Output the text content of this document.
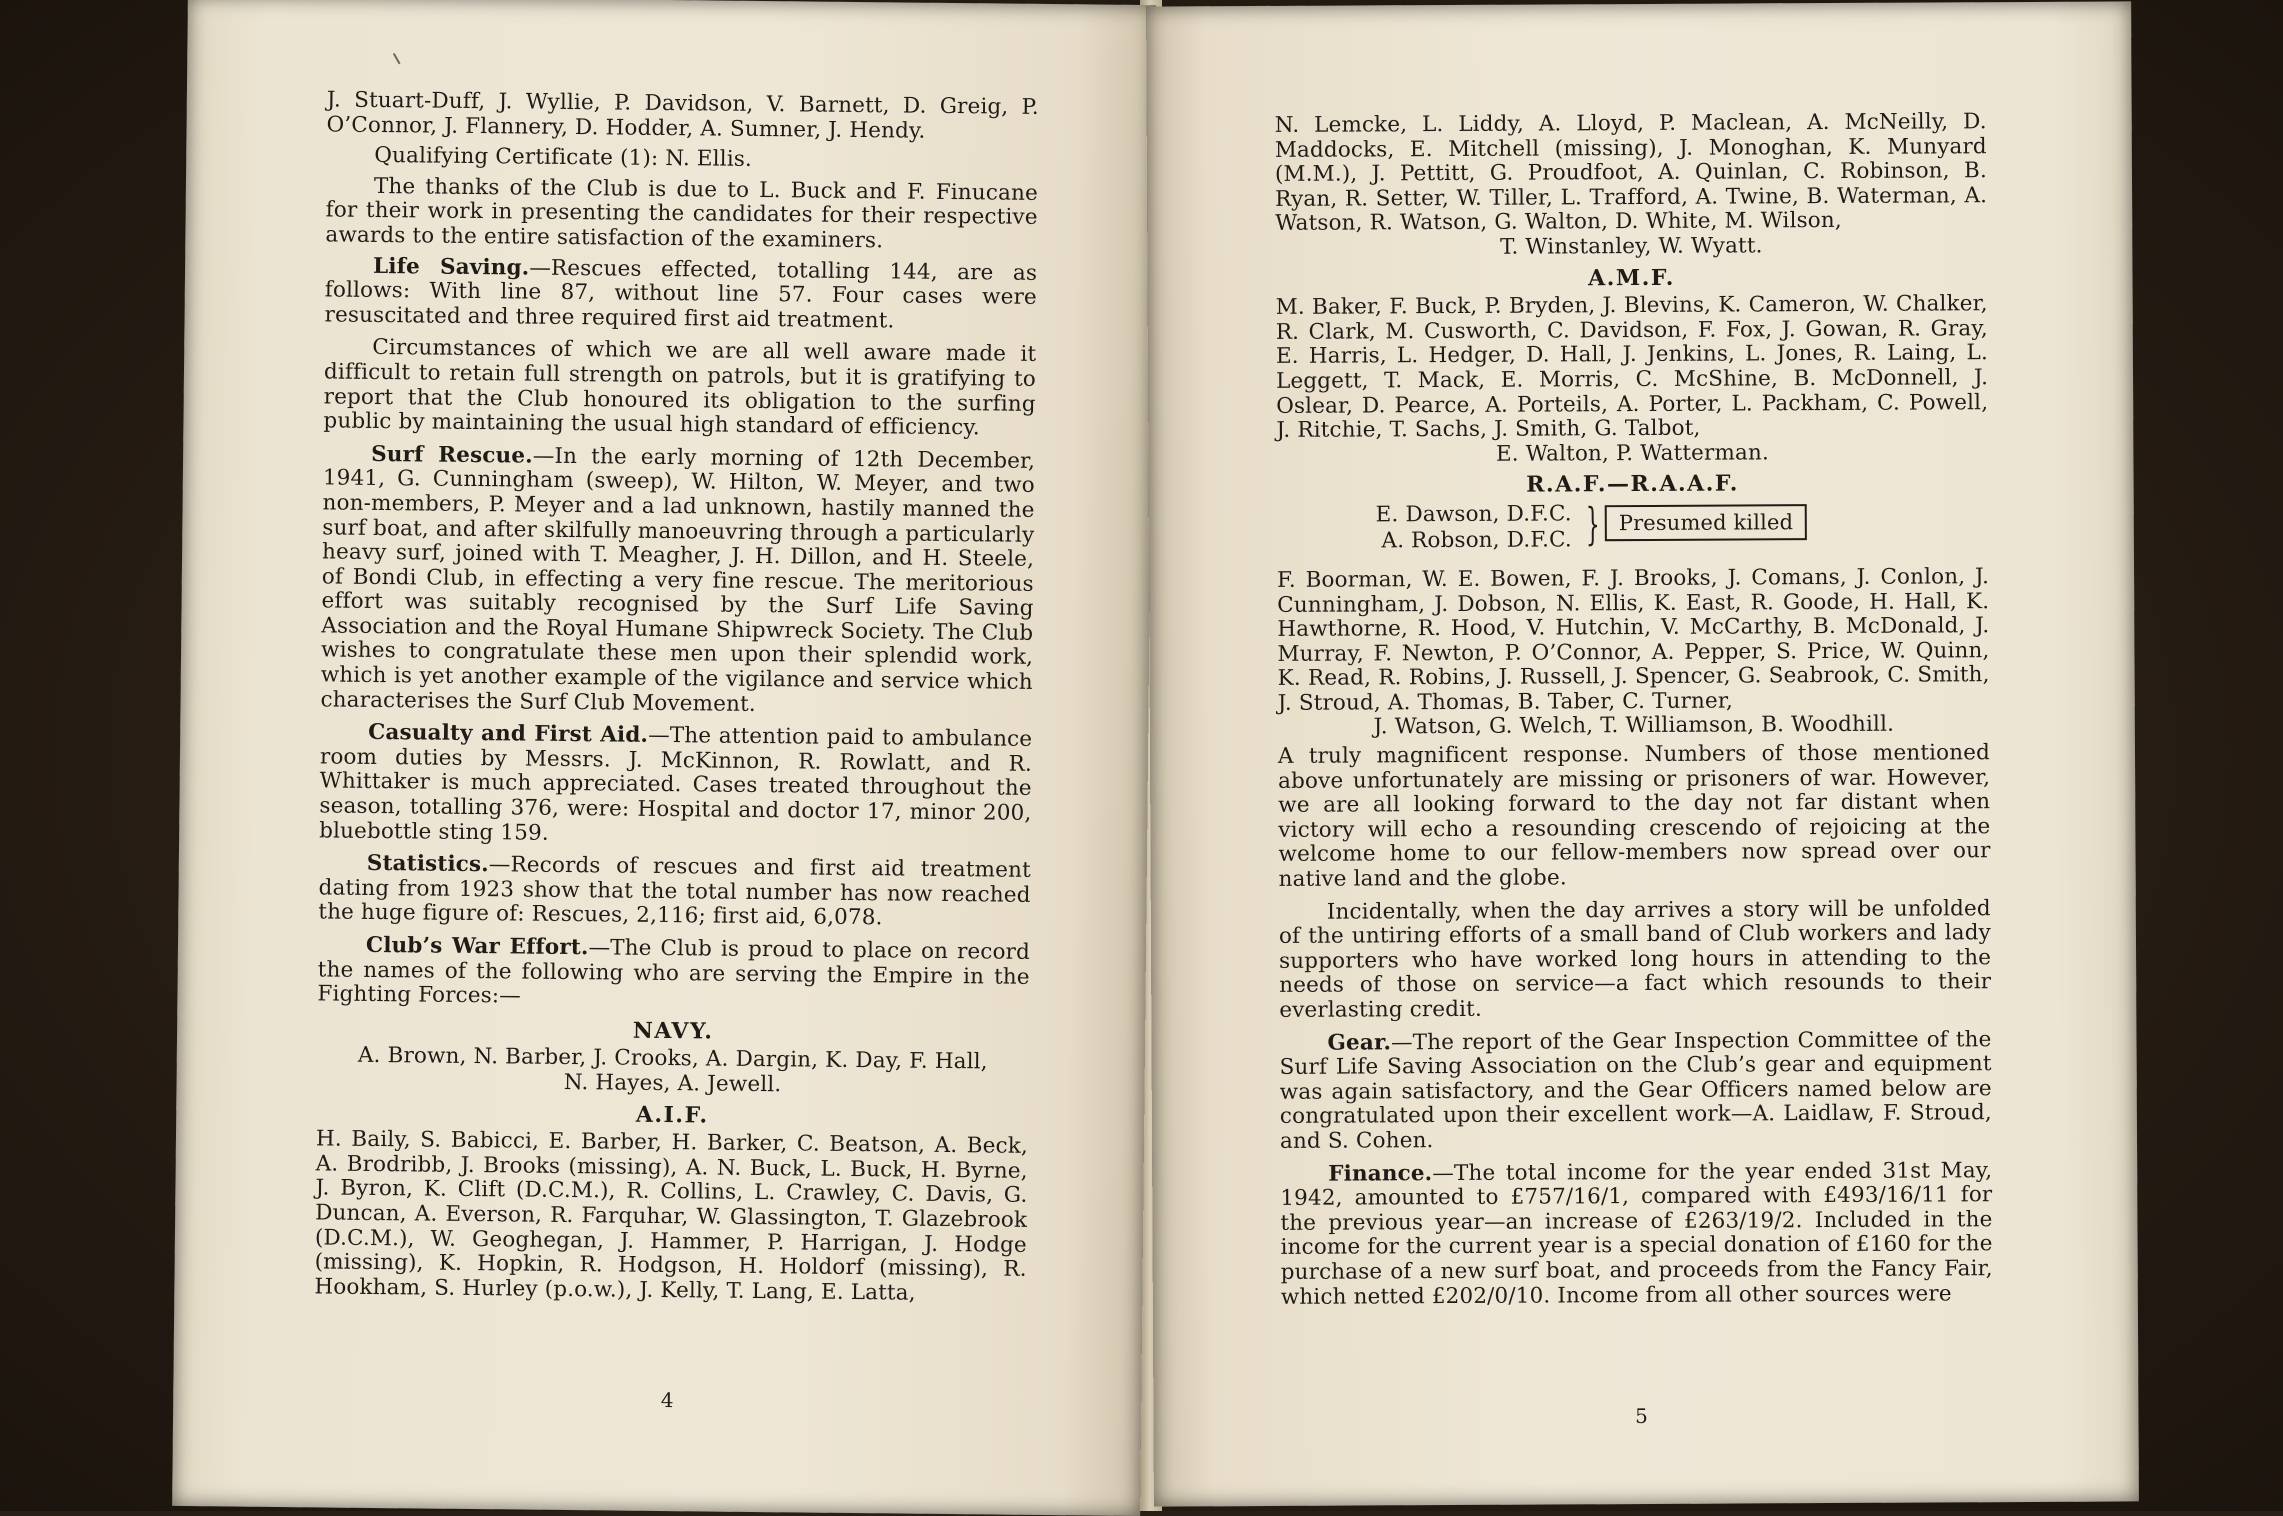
J. Stuart-Duff, J. Wyllie, P. Davidson, V. Barnett, D. Greig, P. O’Connor, J. Flannery, D. Hodder, A. Sumner, J. Hendy.

Qualifying Certificate (1): N. Ellis.

The thanks of the Club is due to L. Buck and F. Finucane for their work in presenting the candidates for their respective awards to the entire satisfaction of the examiners.

Life Saving.—Rescues effected, totalling 144, are as follows: With line 87, without line 57. Four cases were resuscitated and three required first aid treatment.

Circumstances of which we are all well aware made it difficult to retain full strength on patrols, but it is gratifying to report that the Club honoured its obligation to the surfing public by maintaining the usual high standard of efficiency.

Surf Rescue.—In the early morning of 12th December, 1941, G. Cunningham (sweep), W. Hilton, W. Meyer, and two non-members, P. Meyer and a lad unknown, hastily manned the surf boat, and after skilfully manoeuvring through a particularly heavy surf, joined with T. Meagher, J. H. Dillon, and H. Steele, of Bondi Club, in effecting a very fine rescue. The meritorious effort was suitably recognised by the Surf Life Saving Association and the Royal Humane Shipwreck Society. The Club wishes to congratulate these men upon their splendid work, which is yet another example of the vigilance and service which characterises the Surf Club Movement.

Casualty and First Aid.—The attention paid to ambulance room duties by Messrs. J. McKinnon, R. Rowlatt, and R. Whittaker is much appreciated. Cases treated throughout the season, totalling 376, were: Hospital and doctor 17, minor 200, bluebottle sting 159.

Statistics.—Records of rescues and first aid treatment dating from 1923 show that the total number has now reached the huge figure of: Rescues, 2,116; first aid, 6,078.

Club’s War Effort.—The Club is proud to place on record the names of the following who are serving the Empire in the Fighting Forces:—

NAVY.
A. Brown, N. Barber, J. Crooks, A. Dargin, K. Day, F. Hall,
N. Hayes, A. Jewell.
A.I.F.
H. Baily, S. Babicci, E. Barber, H. Barker, C. Beatson, A. Beck, A. Brodribb, J. Brooks (missing), A. N. Buck, L. Buck, H. Byrne, J. Byron, K. Clift (D.C.M.), R. Collins, L. Crawley, C. Davis, G. Duncan, A. Everson, R. Farquhar, W. Glassington, T. Glazebrook (D.C.M.), W. Geoghegan, J. Hammer, P. Harrigan, J. Hodge (missing), K. Hopkin, R. Hodgson, H. Holdorf (missing), R. Hookham, S. Hurley (p.o.w.), J. Kelly, T. Lang, E. Latta,
4
N. Lemcke, L. Liddy, A. Lloyd, P. Maclean, A. McNeilly, D. Maddocks, E. Mitchell (missing), J. Monoghan, K. Munyard (M.M.), J. Pettitt, G. Proudfoot, A. Quinlan, C. Robinson, B. Ryan, R. Setter, W. Tiller, L. Trafford, A. Twine, B. Waterman, A. Watson, R. Watson, G. Walton, D. White, M. Wilson,
T. Winstanley, W. Wyatt.
A.M.F.
M. Baker, F. Buck, P. Bryden, J. Blevins, K. Cameron, W. Chalker, R. Clark, M. Cusworth, C. Davidson, F. Fox, J. Gowan, R. Gray, E. Harris, L. Hedger, D. Hall, J. Jenkins, L. Jones, R. Laing, L. Leggett, T. Mack, E. Morris, C. McShine, B. McDonnell, J. Oslear, D. Pearce, A. Porteils, A. Porter, L. Packham, C. Powell, J. Ritchie, T. Sachs, J. Smith, G. Talbot,
E. Walton, P. Watterman.
R.A.F.—R.A.A.F.
E. Dawson, D.F.C.
A. Robson, D.F.C. } Presumed killed
F. Boorman, W. E. Bowen, F. J. Brooks, J. Comans, J. Conlon, J. Cunningham, J. Dobson, N. Ellis, K. East, R. Goode, H. Hall, K. Hawthorne, R. Hood, V. Hutchin, V. McCarthy, B. McDonald, J. Murray, F. Newton, P. O’Connor, A. Pepper, S. Price, W. Quinn, K. Read, R. Robins, J. Russell, J. Spencer, G. Seabrook, C. Smith, J. Stroud, A. Thomas, B. Taber, C. Turner,
J. Watson, G. Welch, T. Williamson, B. Woodhill.

A truly magnificent response. Numbers of those mentioned above unfortunately are missing or prisoners of war. However, we are all looking forward to the day not far distant when victory will echo a resounding crescendo of rejoicing at the welcome home to our fellow-members now spread over our native land and the globe.

Incidentally, when the day arrives a story will be unfolded of the untiring efforts of a small band of Club workers and lady supporters who have worked long hours in attending to the needs of those on service—a fact which resounds to their everlasting credit.

Gear.—The report of the Gear Inspection Committee of the Surf Life Saving Association on the Club’s gear and equipment was again satisfactory, and the Gear Officers named below are congratulated upon their excellent work—A. Laidlaw, F. Stroud, and S. Cohen.

Finance.—The total income for the year ended 31st May, 1942, amounted to £757/16/1, compared with £493/16/11 for the previous year—an increase of £263/19/2. Included in the income for the current year is a special donation of £160 for the purchase of a new surf boat, and proceeds from the Fancy Fair, which netted £202/0/10. Income from all other sources were

5
